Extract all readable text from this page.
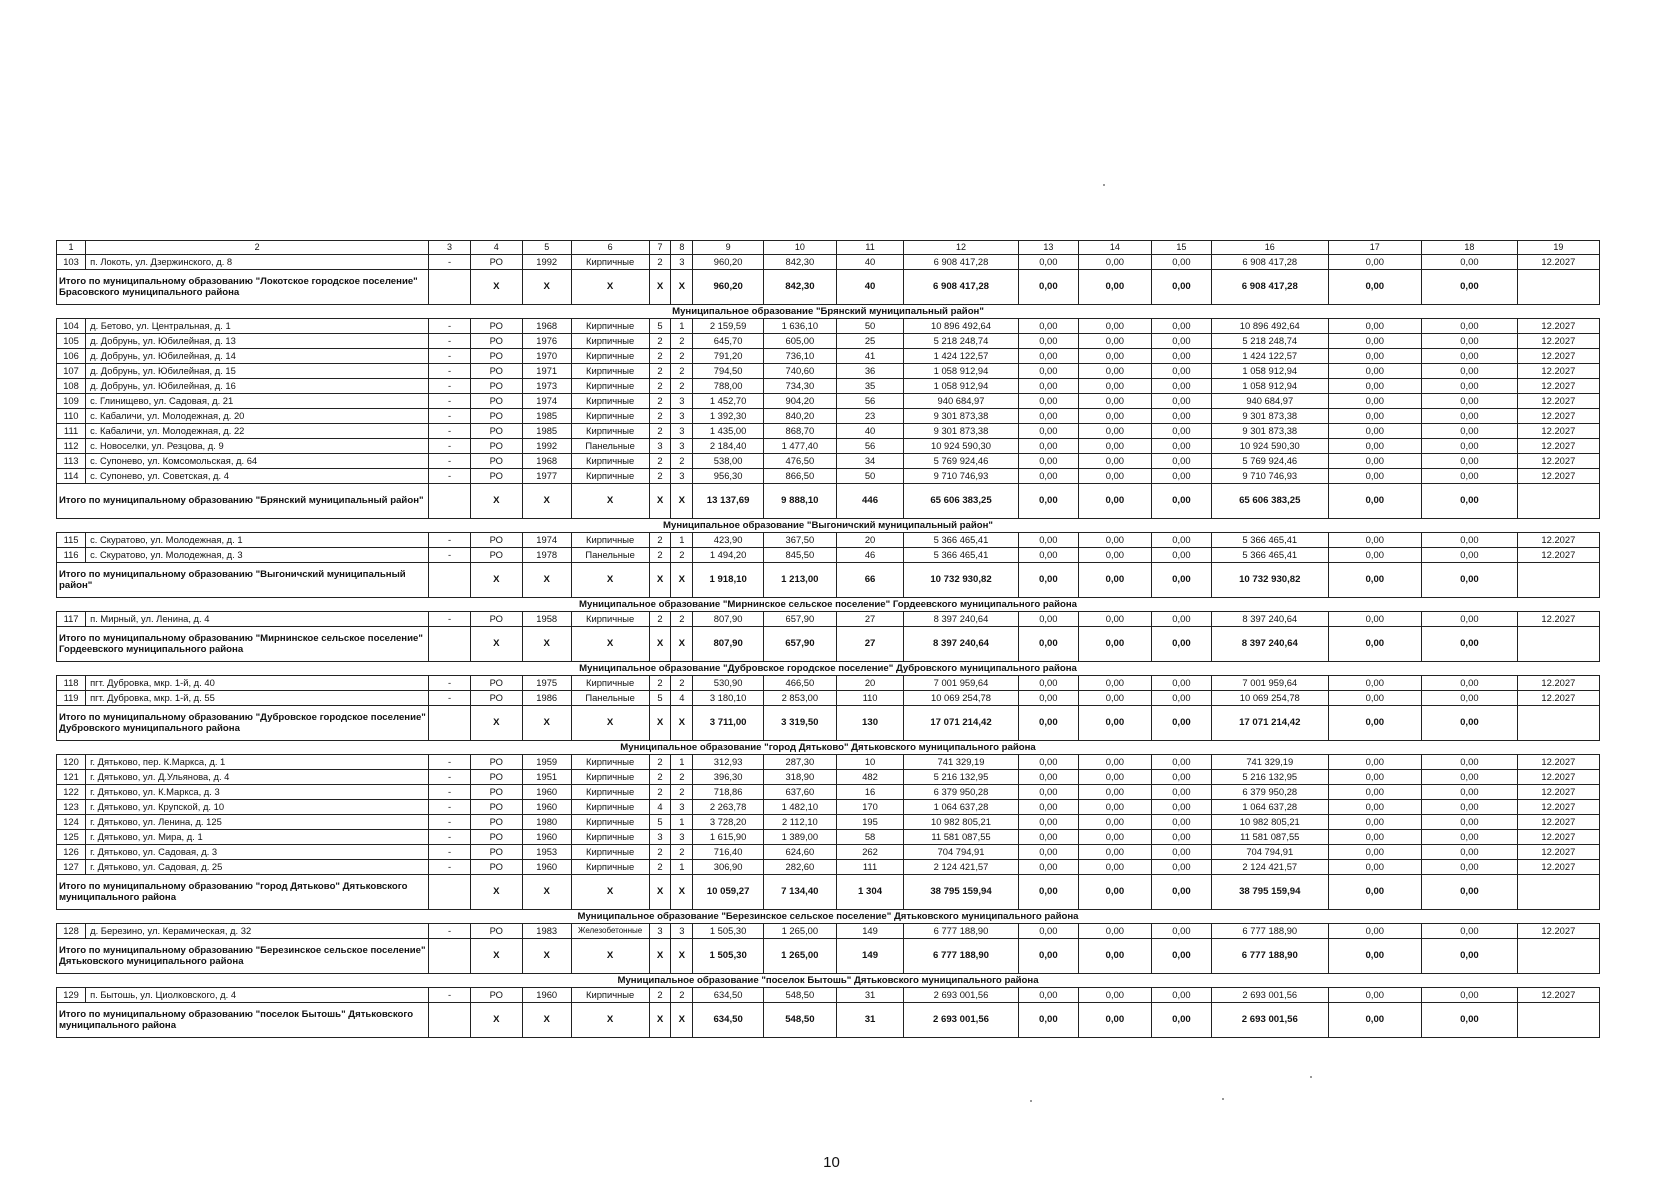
1	2	3	4	5	6	7	8	9	10	11	12	13	14	15	16	17	18	19
103	п. Локоть, ул. Дзержинского, д. 8	-	РО	1992	Кирпичные	2	3	960,20	842,30	40	6 908 417,28	0,00	0,00	0,00	6 908 417,28	0,00	0,00	12.2027
Итого по муниципальному образованию "Локотское городское поселение" Брасовского муниципального района			X	X	X	X	X	960,20	842,30	40	6 908 417,28	0,00	0,00	0,00	6 908 417,28	0,00	0,00	
Муниципальное образование "Брянский муниципальный район"																		
104	д. Бетово, ул. Центральная, д. 1	-	РО	1968	Кирпичные	5	1	2 159,59	1 636,10	50	10 896 492,64	0,00	0,00	0,00	10 896 492,64	0,00	0,00	12.2027
105	д. Добрунь, ул. Юбилейная, д. 13	-	РО	1976	Кирпичные	2	2	645,70	605,00	25	5 218 248,74	0,00	0,00	0,00	5 218 248,74	0,00	0,00	12.2027
106	д. Добрунь, ул. Юбилейная, д. 14	-	РО	1970	Кирпичные	2	2	791,20	736,10	41	1 424 122,57	0,00	0,00	0,00	1 424 122,57	0,00	0,00	12.2027
107	д. Добрунь, ул. Юбилейная, д. 15	-	РО	1971	Кирпичные	2	2	794,50	740,60	36	1 058 912,94	0,00	0,00	0,00	1 058 912,94	0,00	0,00	12.2027
108	д. Добрунь, ул. Юбилейная, д. 16	-	РО	1973	Кирпичные	2	2	788,00	734,30	35	1 058 912,94	0,00	0,00	0,00	1 058 912,94	0,00	0,00	12.2027
109	с. Глинищево, ул. Садовая, д. 21	-	РО	1974	Кирпичные	2	3	1 452,70	904,20	56	940 684,97	0,00	0,00	0,00	940 684,97	0,00	0,00	12.2027
110	с. Кабаличи, ул. Молодежная, д. 20	-	РО	1985	Кирпичные	2	3	1 392,30	840,20	23	9 301 873,38	0,00	0,00	0,00	9 301 873,38	0,00	0,00	12.2027
111	с. Кабаличи, ул. Молодежная, д. 22	-	РО	1985	Кирпичные	2	3	1 435,00	868,70	40	9 301 873,38	0,00	0,00	0,00	9 301 873,38	0,00	0,00	12.2027
112	с. Новоселки, ул. Резцова, д. 9	-	РО	1992	Панельные	3	3	2 184,40	1 477,40	56	10 924 590,30	0,00	0,00	0,00	10 924 590,30	0,00	0,00	12.2027
113	с. Супонево, ул. Комсомольская, д. 64	-	РО	1968	Кирпичные	2	2	538,00	476,50	34	5 769 924,46	0,00	0,00	0,00	5 769 924,46	0,00	0,00	12.2027
114	с. Супонево, ул. Советская, д. 4	-	РО	1977	Кирпичные	2	3	956,30	866,50	50	9 710 746,93	0,00	0,00	0,00	9 710 746,93	0,00	0,00	12.2027
Итого по муниципальному образованию "Брянский муниципальный район"			X	X	X	X	X	13 137,69	9 888,10	446	65 606 383,25	0,00	0,00	0,00	65 606 383,25	0,00	0,00	
Муниципальное образование "Выгоничский муниципальный район"																		
115	с. Скуратово, ул. Молодежная, д. 1	-	РО	1974	Кирпичные	2	1	423,90	367,50	20	5 366 465,41	0,00	0,00	0,00	5 366 465,41	0,00	0,00	12.2027
116	с. Скуратово, ул. Молодежная, д. 3	-	РО	1978	Панельные	2	2	1 494,20	845,50	46	5 366 465,41	0,00	0,00	0,00	5 366 465,41	0,00	0,00	12.2027
Итого по муниципальному образованию "Выгоничский муниципальный район"			X	X	X	X	X	1 918,10	1 213,00	66	10 732 930,82	0,00	0,00	0,00	10 732 930,82	0,00	0,00	
Муниципальное образование "Мирнинское сельское поселение" Гордеевского муниципального района																		
117	п. Мирный, ул. Ленина, д. 4	-	РО	1958	Кирпичные	2	2	807,90	657,90	27	8 397 240,64	0,00	0,00	0,00	8 397 240,64	0,00	0,00	12.2027
Итого по муниципальному образованию "Мирнинское сельское поселение" Гордеевского муниципального района			X	X	X	X	X	807,90	657,90	27	8 397 240,64	0,00	0,00	0,00	8 397 240,64	0,00	0,00	
Муниципальное образование "Дубровское городское поселение" Дубровского муниципального района																		
118	пгт. Дубровка, мкр. 1-й, д. 40	-	РО	1975	Кирпичные	2	2	530,90	466,50	20	7 001 959,64	0,00	0,00	0,00	7 001 959,64	0,00	0,00	12.2027
119	пгт. Дубровка, мкр. 1-й, д. 55	-	РО	1986	Панельные	5	4	3 180,10	2 853,00	110	10 069 254,78	0,00	0,00	0,00	10 069 254,78	0,00	0,00	12.2027
Итого по муниципальному образованию "Дубровское городское поселение" Дубровского муниципального района			X	X	X	X	X	3 711,00	3 319,50	130	17 071 214,42	0,00	0,00	0,00	17 071 214,42	0,00	0,00	
Муниципальное образование "город Дятьково" Дятьковского муниципального района																		
120	г. Дятьково, пер. К.Маркса, д. 1	-	РО	1959	Кирпичные	2	1	312,93	287,30	10	741 329,19	0,00	0,00	0,00	741 329,19	0,00	0,00	12.2027
121	г. Дятьково, ул. Д.Ульянова, д. 4	-	РО	1951	Кирпичные	2	2	396,30	318,90	482	5 216 132,95	0,00	0,00	0,00	5 216 132,95	0,00	0,00	12.2027
122	г. Дятьково, ул. К.Маркса, д. 3	-	РО	1960	Кирпичные	2	2	718,86	637,60	16	6 379 950,28	0,00	0,00	0,00	6 379 950,28	0,00	0,00	12.2027
123	г. Дятьково, ул. Крупской, д. 10	-	РО	1960	Кирпичные	4	3	2 263,78	1 482,10	170	1 064 637,28	0,00	0,00	0,00	1 064 637,28	0,00	0,00	12.2027
124	г. Дятьково, ул. Ленина, д. 125	-	РО	1980	Кирпичные	5	1	3 728,20	2 112,10	195	10 982 805,21	0,00	0,00	0,00	10 982 805,21	0,00	0,00	12.2027
125	г. Дятьково, ул. Мира, д. 1	-	РО	1960	Кирпичные	3	3	1 615,90	1 389,00	58	11 581 087,55	0,00	0,00	0,00	11 581 087,55	0,00	0,00	12.2027
126	г. Дятьково, ул. Садовая, д. 3	-	РО	1953	Кирпичные	2	2	716,40	624,60	262	704 794,91	0,00	0,00	0,00	704 794,91	0,00	0,00	12.2027
127	г. Дятьково, ул. Садовая, д. 25	-	РО	1960	Кирпичные	2	1	306,90	282,60	111	2 124 421,57	0,00	0,00	0,00	2 124 421,57	0,00	0,00	12.2027
Итого по муниципальному образованию "город Дятьково" Дятьковского муниципального района			X	X	X	X	X	10 059,27	7 134,40	1 304	38 795 159,94	0,00	0,00	0,00	38 795 159,94	0,00	0,00	
Муниципальное образование "Березинское сельское поселение" Дятьковского муниципального района																		
128	д. Березино, ул. Керамическая, д. 32	-	РО	1983	Железобетонные	3	3	1 505,30	1 265,00	149	6 777 188,90	0,00	0,00	0,00	6 777 188,90	0,00	0,00	12.2027
Итого по муниципальному образованию "Березинское сельское поселение" Дятьковского муниципального района			X	X	X	X	X	1 505,30	1 265,00	149	6 777 188,90	0,00	0,00	0,00	6 777 188,90	0,00	0,00	
Муниципальное образование "поселок Бытошь" Дятьковского муниципального района																		
129	п. Бытошь, ул. Циолковского, д. 4	-	РО	1960	Кирпичные	2	2	634,50	548,50	31	2 693 001,56	0,00	0,00	0,00	2 693 001,56	0,00	0,00	12.2027
Итого по муниципальному образованию "поселок Бытошь" Дятьковского муниципального района			X	X	X	X	X	634,50	548,50	31	2 693 001,56	0,00	0,00	0,00	2 693 001,56	0,00	0,00	
10
